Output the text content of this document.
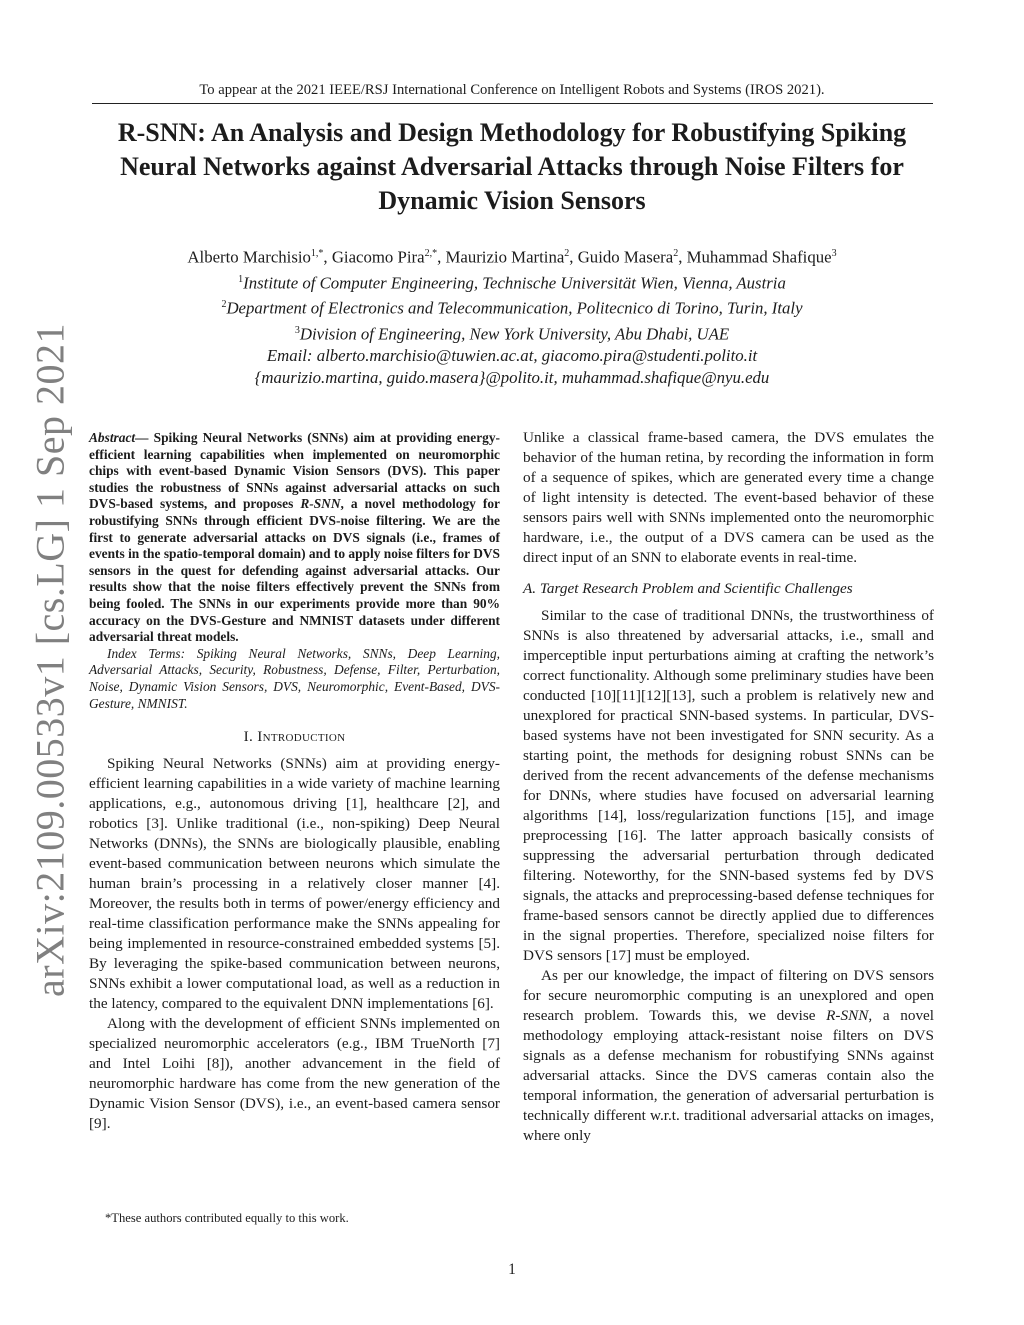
To appear at the 2021 IEEE/RSJ International Conference on Intelligent Robots and Systems (IROS 2021).
R-SNN: An Analysis and Design Methodology for Robustifying Spiking Neural Networks against Adversarial Attacks through Noise Filters for Dynamic Vision Sensors
Alberto Marchisio$^{1,*}$, Giacomo Pira$^{2,*}$, Maurizio Martina$^2$, Guido Masera$^2$, Muhammad Shafique$^3$
$^1$Institute of Computer Engineering, Technische Universität Wien, Vienna, Austria
$^2$Department of Electronics and Telecommunication, Politecnico di Torino, Turin, Italy
$^3$Division of Engineering, New York University, Abu Dhabi, UAE
Email: alberto.marchisio@tuwien.ac.at, giacomo.pira@studenti.polito.it
{maurizio.martina, guido.masera}@polito.it, muhammad.shafique@nyu.edu
arXiv:2109.00533v1 [cs.LG] 1 Sep 2021 Abstract— Spiking Neural Networks (SNNs) aim at providing energy-efficient learning capabilities when implemented on neuromorphic chips with event-based Dynamic Vision Sensors (DVS). This paper studies the robustness of SNNs against adversarial attacks on such DVS-based systems, and proposes R-SNN, a novel methodology for robustifying SNNs through efficient DVS-noise filtering. We are the first to generate adversarial attacks on DVS signals (i.e., frames of events in the spatio-temporal domain) and to apply noise filters for DVS sensors in the quest for defending against adversarial attacks. Our results show that the noise filters effectively prevent the SNNs from being fooled. The SNNs in our experiments provide more than 90% accuracy on the DVS-Gesture and NMNIST datasets under different adversarial threat models.

Index Terms: Spiking Neural Networks, SNNs, Deep Learning, Adversarial Attacks, Security, Robustness, Defense, Filter, Perturbation, Noise, Dynamic Vision Sensors, DVS, Neuromorphic, Event-Based, DVS-Gesture, NMNIST.

I. Introduction

Spiking Neural Networks (SNNs) aim at providing energy-efficient learning capabilities in a wide variety of machine learning applications, e.g., autonomous driving [1], healthcare [2], and robotics [3]. Unlike traditional (i.e., non-spiking) Deep Neural Networks (DNNs), the SNNs are biologically plausible, enabling event-based communication between neurons which simulate the human brain’s processing in a relatively closer manner [4]. Moreover, the results both in terms of power/energy efficiency and real-time classification performance make the SNNs appealing for being implemented in resource-constrained embedded systems [5]. By leveraging the spike-based communication between neurons, SNNs exhibit a lower computational load, as well as a reduction in the latency, compared to the equivalent DNN implementations [6].

Along with the development of efficient SNNs implemented on specialized neuromorphic accelerators (e.g., IBM TrueNorth [7] and Intel Loihi [8]), another advancement in the field of neuromorphic hardware has come from the new generation of the Dynamic Vision Sensor (DVS), i.e., an event-based camera sensor [9].

*These authors contributed equally to this work.

Unlike a classical frame-based camera, the DVS emulates the behavior of the human retina, by recording the information in form of a sequence of spikes, which are generated every time a change of light intensity is detected. The event-based behavior of these sensors pairs well with SNNs implemented onto the neuromorphic hardware, i.e., the output of a DVS camera can be used as the direct input of an SNN to elaborate events in real-time.

A. Target Research Problem and Scientific Challenges

Similar to the case of traditional DNNs, the trustworthiness of SNNs is also threatened by adversarial attacks, i.e., small and imperceptible input perturbations aiming at crafting the network’s correct functionality. Although some preliminary studies have been conducted [10][11][12][13], such a problem is relatively new and unexplored for practical SNN-based systems. In particular, DVS-based systems have not been investigated for SNN security. As a starting point, the methods for designing robust SNNs can be derived from the recent advancements of the defense mechanisms for DNNs, where studies have focused on adversarial learning algorithms [14], loss/regularization functions [15], and image preprocessing [16]. The latter approach basically consists of suppressing the adversarial perturbation through dedicated filtering. Noteworthy, for the SNN-based systems fed by DVS signals, the attacks and preprocessing-based defense techniques for frame-based sensors cannot be directly applied due to differences in the signal properties. Therefore, specialized noise filters for DVS sensors [17] must be employed.

As per our knowledge, the impact of filtering on DVS sensors for secure neuromorphic computing is an unexplored and open research problem. Towards this, we devise R-SNN, a novel methodology employing attack-resistant noise filters on DVS signals as a defense mechanism for robustifying SNNs against adversarial attacks. Since the DVS cameras contain also the temporal information, the generation of adversarial perturbation is technically different w.r.t. traditional adversarial attacks on images, where only

1
